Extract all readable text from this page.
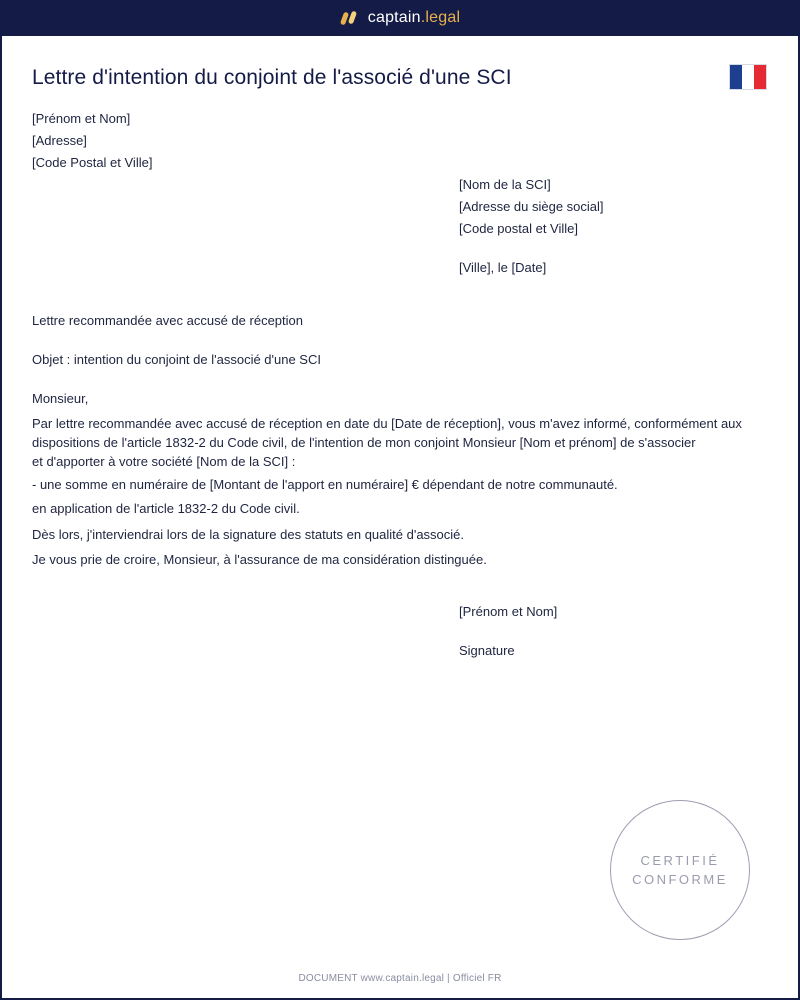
captain.legal
Lettre d'intention du conjoint de l'associé d'une SCI
[Prénom et Nom]
[Adresse]
[Code Postal et Ville]
[Nom de la SCI]
[Adresse du siège social]
[Code postal et Ville]
[Ville], le [Date]
Lettre recommandée avec accusé de réception
Objet : intention du conjoint de l'associé d'une SCI
Monsieur,
Par lettre recommandée avec accusé de réception en date du [Date de réception], vous m'avez informé, conformément aux
dispositions de l'article 1832-2 du Code civil, de l'intention de mon conjoint Monsieur [Nom et prénom] de s'associer
et d'apporter à votre société [Nom de la SCI] :
- une somme en numéraire de [Montant de l'apport en numéraire] € dépendant de notre communauté.
en application de l'article 1832-2 du Code civil.
Dès lors, j'interviendrai lors de la signature des statuts en qualité d'associé.
Je vous prie de croire, Monsieur, à l'assurance de ma considération distinguée.
[Prénom et Nom]
Signature
CERTIFIÉ
CONFORME
DOCUMENT www.captain.legal | Officiel FR
